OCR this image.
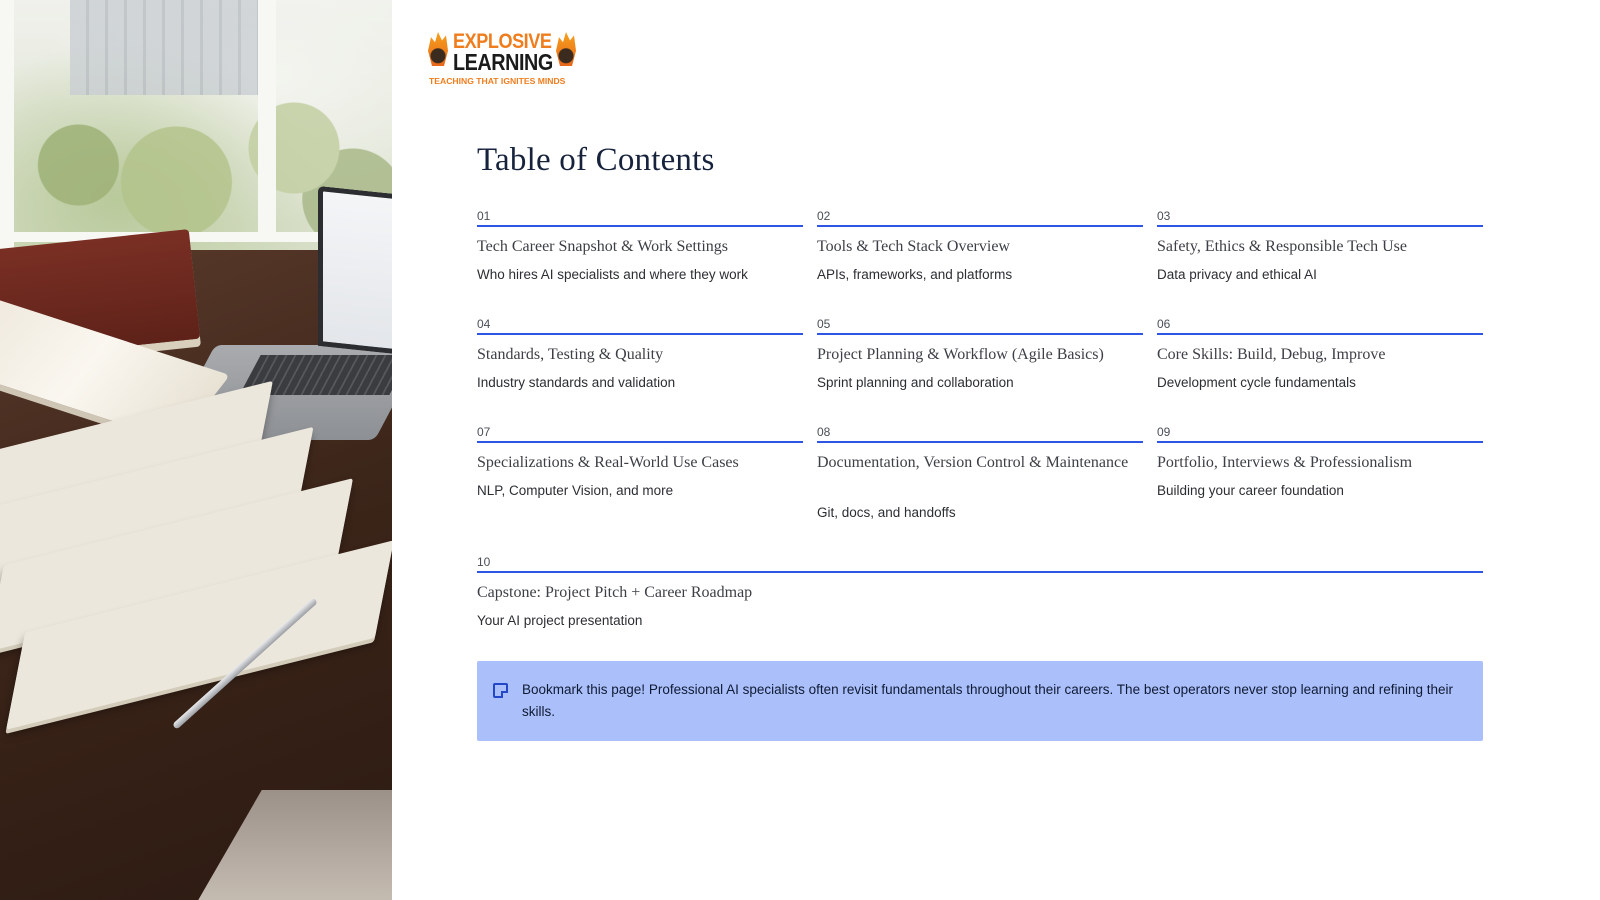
EXPLOSIVE
LEARNING
TEACHING THAT IGNITES MINDS
Table of Contents
01
Tech Career Snapshot & Work Settings
Who hires AI specialists and where they work
02
Tools & Tech Stack Overview
APIs, frameworks, and platforms
03
Safety, Ethics & Responsible Tech Use
Data privacy and ethical AI
04
Standards, Testing & Quality
Industry standards and validation
05
Project Planning & Workflow (Agile Basics)
Sprint planning and collaboration
06
Core Skills: Build, Debug, Improve
Development cycle fundamentals
07
Specializations & Real-World Use Cases
NLP, Computer Vision, and more
08
Documentation, Version Control & Maintenance
Git, docs, and handoffs
09
Portfolio, Interviews & Professionalism
Building your career foundation
10
Capstone: Project Pitch + Career Roadmap
Your AI project presentation
Bookmark this page! Professional AI specialists often revisit fundamentals throughout their careers. The best operators never stop learning and refining their skills.
